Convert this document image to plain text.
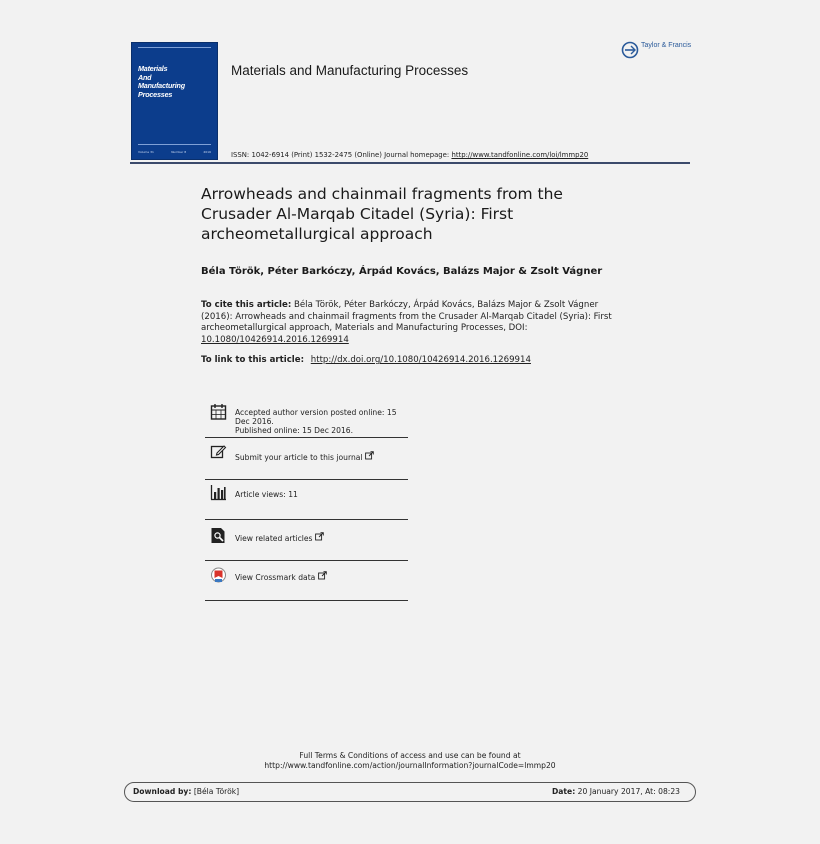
Materials
And
Manufacturing
Processes
Volume 31	Number 8	2016
Materials and Manufacturing Processes
Taylor & Francis
ISSN: 1042-6914 (Print) 1532-2475 (Online) Journal homepage: http://www.tandfonline.com/loi/lmmp20
Arrowheads and chainmail fragments from the Crusader Al-Marqab Citadel (Syria): First archeometallurgical approach
Béla Török, Péter Barkóczy, Árpád Kovács, Balázs Major & Zsolt Vágner
To cite this article: Béla Török, Péter Barkóczy, Árpád Kovács, Balázs Major & Zsolt Vágner (2016): Arrowheads and chainmail fragments from the Crusader Al-Marqab Citadel (Syria): First archeometallurgical approach, Materials and Manufacturing Processes, DOI: 10.1080/10426914.2016.1269914
To link to this article: http://dx.doi.org/10.1080/10426914.2016.1269914
Accepted author version posted online: 15 Dec 2016.
Published online: 15 Dec 2016.
Submit your article to this journal
Article views: 11
View related articles
View Crossmark data
Full Terms & Conditions of access and use can be found at
http://www.tandfonline.com/action/journalInformation?journalCode=lmmp20
Download by: [Béla Török]	Date: 20 January 2017, At: 08:23
